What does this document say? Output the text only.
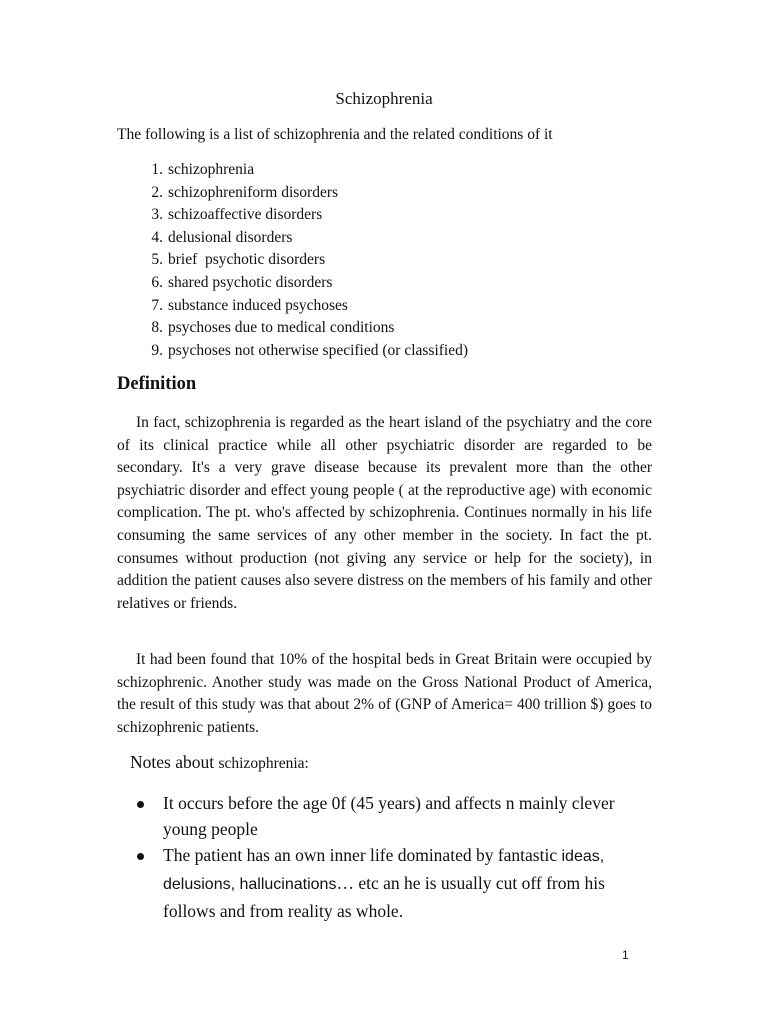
Schizophrenia
The following is a list of schizophrenia and the related conditions of it
1. schizophrenia
2. schizophreniform disorders
3. schizoaffective disorders
4. delusional disorders
5. brief  psychotic disorders
6. shared psychotic disorders
7. substance induced psychoses
8. psychoses due to medical conditions
9. psychoses not otherwise specified (or classified)
Definition

In fact, schizophrenia is regarded as the heart island of the psychiatry and the core of its clinical practice while all other psychiatric disorder are regarded to be secondary. It's a very grave disease because its prevalent more than the other psychiatric disorder and effect young people ( at the reproductive age) with economic complication. The pt. who's affected by schizophrenia. Continues normally in his life consuming the same services of any other member in the society. In fact the pt. consumes without production (not giving any service or help for the society), in addition the patient causes also severe distress on the members of his family and other relatives or friends.

It had been found that 10% of the hospital beds in Great Britain were occupied by schizophrenic. Another study was made on the Gross National Product of America, the result of this study was that about 2% of (GNP of America= 400 trillion $) goes to schizophrenic patients.

Notes about schizophrenia:
It occurs before the age 0f (45 years) and affects n mainly clever young people
The patient has an own inner life dominated by fantastic ideas, delusions, hallucinations… etc an he is usually cut off from his follows and from reality as whole.
1
